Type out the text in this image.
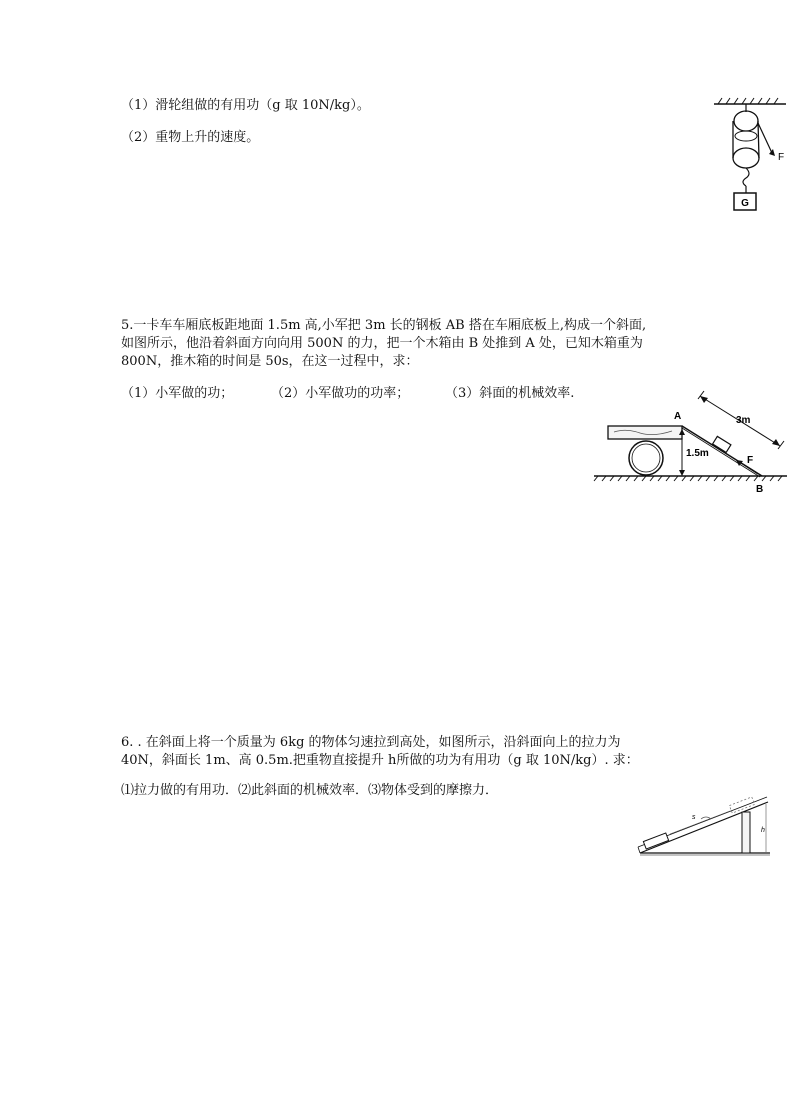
（1）滑轮组做的有用功（g 取 10N/kg）。
（2）重物上升的速度。
F
G
5.一卡车车厢底板距地面 1.5m 高,小军把 3m 长的钢板 AB 搭在车厢底板上,构成一个斜面,
如图所示，他沿着斜面方向向用 500N 的力，把一个木箱由 B 处推到 A 处，已知木箱重为
800N，推木箱的时间是 50s，在这一过程中，求：
（1）小军做的功；	（2）小军做功的功率；	（3）斜面的机械效率.
F
1.5m
A
B
3m
6. . 在斜面上将一个质量为 6kg 的物体匀速拉到高处，如图所示，沿斜面向上的拉力为
40N，斜面长 1m、高 0.5m.把重物直接提升 h所做的功为有用功（g 取 10N/kg）. 求：
⑴拉力做的有用功．⑵此斜面的机械效率．⑶物体受到的摩擦力．
s
h
